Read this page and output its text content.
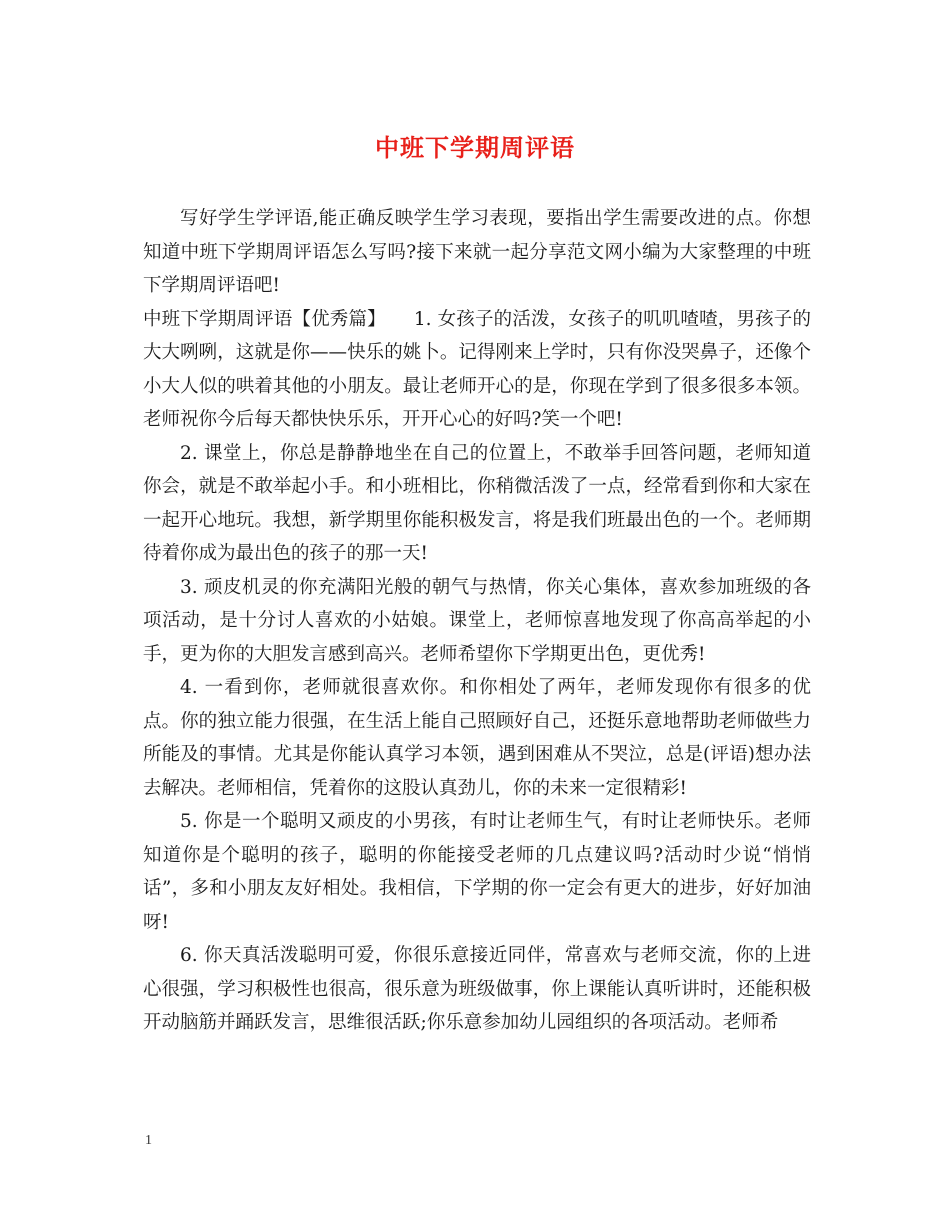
中班下学期周评语

写好学生学评语,能正确反映学生学习表现，要指出学生需要改进的点。你想知道中班下学期周评语怎么写吗?接下来就一起分享范文网小编为大家整理的中班下学期周评语吧!

中班下学期周评语【优秀篇】　　1. 女孩子的活泼，女孩子的叽叽喳喳，男孩子的大大咧咧，这就是你——快乐的姚卜。记得刚来上学时，只有你没哭鼻子，还像个小大人似的哄着其他的小朋友。最让老师开心的是，你现在学到了很多很多本领。老师祝你今后每天都快快乐乐，开开心心的好吗?笑一个吧!

2. 课堂上，你总是静静地坐在自己的位置上，不敢举手回答问题，老师知道你会，就是不敢举起小手。和小班相比，你稍微活泼了一点，经常看到你和大家在一起开心地玩。我想，新学期里你能积极发言，将是我们班最出色的一个。老师期待着你成为最出色的孩子的那一天!

3. 顽皮机灵的你充满阳光般的朝气与热情，你关心集体，喜欢参加班级的各项活动，是十分讨人喜欢的小姑娘。课堂上，老师惊喜地发现了你高高举起的小手，更为你的大胆发言感到高兴。老师希望你下学期更出色，更优秀!

4. 一看到你，老师就很喜欢你。和你相处了两年，老师发现你有很多的优点。你的独立能力很强，在生活上能自己照顾好自己，还挺乐意地帮助老师做些力所能及的事情。尤其是你能认真学习本领，遇到困难从不哭泣，总是(评语)想办法去解决。老师相信，凭着你的这股认真劲儿，你的未来一定很精彩!

5. 你是一个聪明又顽皮的小男孩，有时让老师生气，有时让老师快乐。老师知道你是个聪明的孩子，聪明的你能接受老师的几点建议吗?活动时少说“悄悄话”，多和小朋友友好相处。我相信，下学期的你一定会有更大的进步，好好加油呀!

6. 你天真活泼聪明可爱，你很乐意接近同伴，常喜欢与老师交流，你的上进心很强，学习积极性也很高，很乐意为班级做事，你上课能认真听讲时，还能积极开动脑筋并踊跃发言，思维很活跃;你乐意参加幼儿园组织的各项活动。老师希

1
